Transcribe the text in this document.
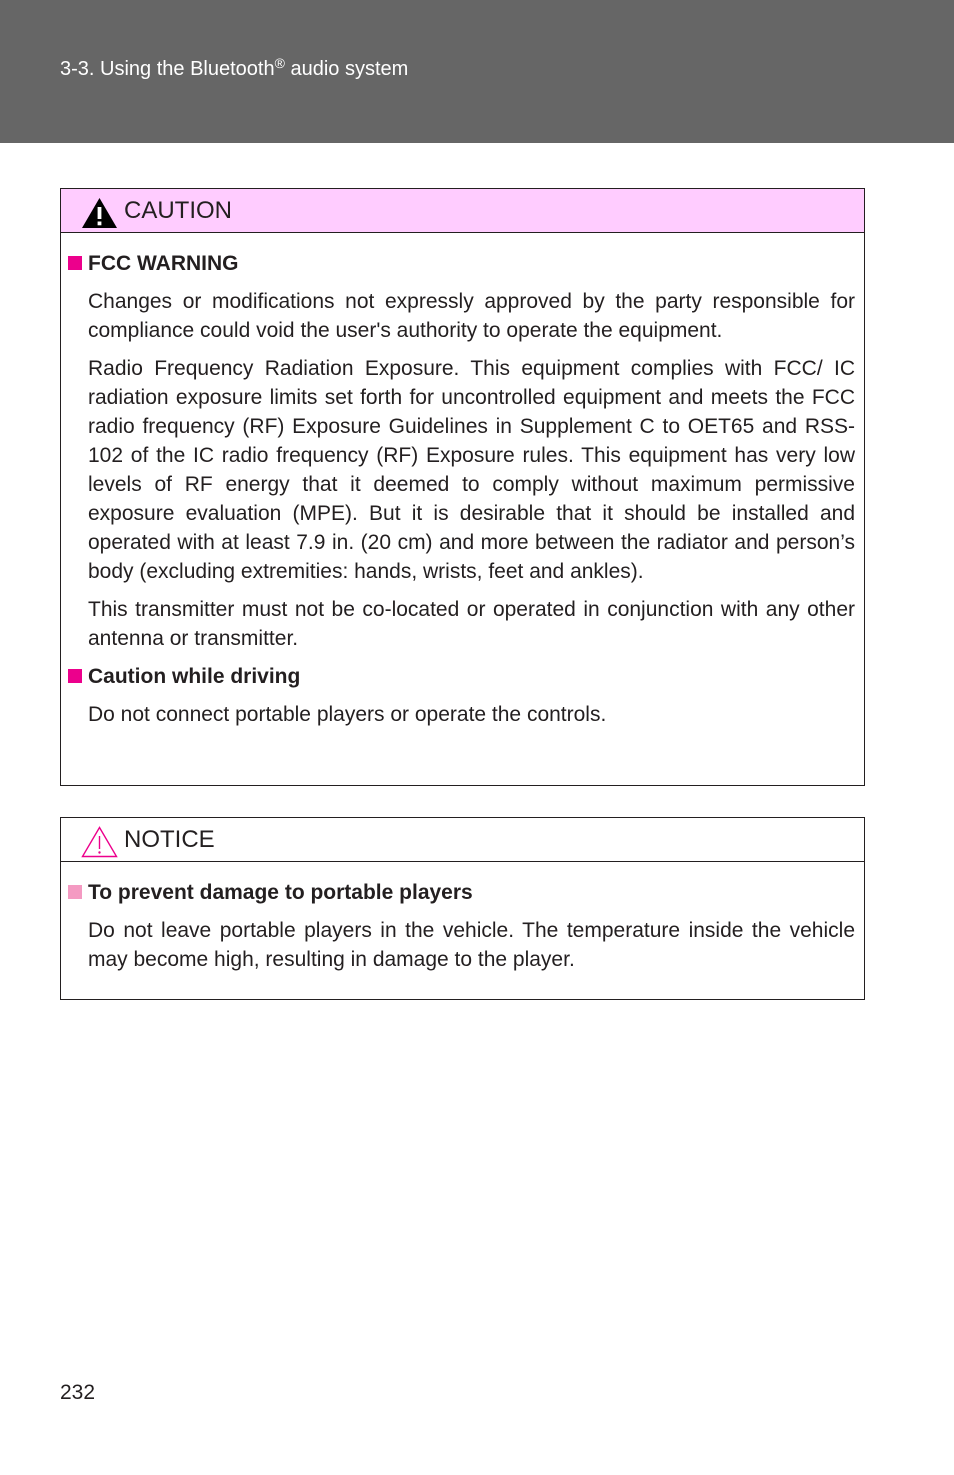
3-3. Using the Bluetooth® audio system
CAUTION
FCC WARNING

Changes or modifications not expressly approved by the party responsible for compliance could void the user's authority to operate the equipment.

Radio Frequency Radiation Exposure. This equipment complies with FCC/ IC radiation exposure limits set forth for uncontrolled equipment and meets the FCC radio frequency (RF) Exposure Guidelines in Supplement C to OET65 and RSS-102 of the IC radio frequency (RF) Exposure rules. This equipment has very low levels of RF energy that it deemed to comply without maximum permissive exposure evaluation (MPE). But it is desirable that it should be installed and operated with at least 7.9 in. (20 cm) and more between the radiator and person’s body (excluding extremities: hands, wrists, feet and ankles).

This transmitter must not be co-located or operated in conjunction with any other antenna or transmitter.

Caution while driving

Do not connect portable players or operate the controls.

NOTICE
To prevent damage to portable players

Do not leave portable players in the vehicle. The temperature inside the vehicle may become high, resulting in damage to the player.

232
